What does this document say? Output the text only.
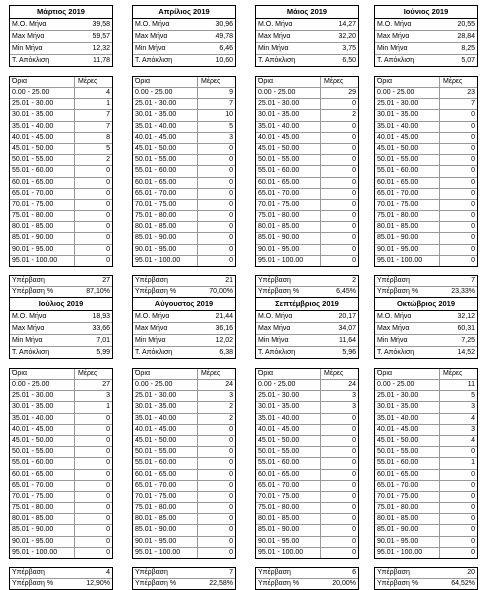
Μάρτιος 2019
Μ.Ο. Μήνα	39,58
Max Μήνα	59,57
Min Μήνα	12,32
Τ. Απόκλιση	11,78
Όρια	Μέρες
0.00 - 25.00	4
25.01 - 30.00	1
30.01 - 35.00	7
35.01 - 40.00	7
40.01 - 45.00	8
45.01 - 50.00	5
50.01 - 55.00	2
55.01 - 60.00	0
60.01 - 65.00	0
65.01 - 70.00	0
70.01 - 75.00	0
75.01 - 80.00	0
80.01 - 85.00	0
85.01 - 90.00	0
90.01 - 95.00	0
95.01 - 100.00	0
Υπέρβαση	27
Υπέρβαση %	87,10%
Απρίλιος 2019
Μ.Ο. Μήνα	30,96
Max Μήνα	49,78
Min Μήνα	6,46
Τ. Απόκλιση	10,60
Όρια	Μέρες
0.00 - 25.00	9
25.01 - 30.00	7
30.01 - 35.00	10
35.01 - 40.00	5
40.01 - 45.00	3
45.01 - 50.00	0
50.01 - 55.00	0
55.01 - 60.00	0
60.01 - 65.00	0
65.01 - 70.00	0
70.01 - 75.00	0
75.01 - 80.00	0
80.01 - 85.00	0
85.01 - 90.00	0
90.01 - 95.00	0
95.01 - 100.00	0
Υπέρβαση	21
Υπέρβαση %	70,00%
Μάιος 2019
Μ.Ο. Μήνα	14,27
Max Μήνα	32,20
Min Μήνα	3,75
Τ. Απόκλιση	6,50
Όρια	Μέρες
0.00 - 25.00	29
25.01 - 30.00	0
30.01 - 35.00	2
35.01 - 40.00	0
40.01 - 45.00	0
45.01 - 50.00	0
50.01 - 55.00	0
55.01 - 60.00	0
60.01 - 65.00	0
65.01 - 70.00	0
70.01 - 75.00	0
75.01 - 80.00	0
80.01 - 85.00	0
85.01 - 90.00	0
90.01 - 95.00	0
95.01 - 100.00	0
Υπέρβαση	2
Υπέρβαση %	6,45%
Ιούνιος 2019
Μ.Ο. Μήνα	20,55
Max Μήνα	28,84
Min Μήνα	8,25
Τ. Απόκλιση	5,07
Όρια	Μέρες
0.00 - 25.00	23
25.01 - 30.00	7
30.01 - 35.00	0
35.01 - 40.00	0
40.01 - 45.00	0
45.01 - 50.00	0
50.01 - 55.00	0
55.01 - 60.00	0
60.01 - 65.00	0
65.01 - 70.00	0
70.01 - 75.00	0
75.01 - 80.00	0
80.01 - 85.00	0
85.01 - 90.00	0
90.01 - 95.00	0
95.01 - 100.00	0
Υπέρβαση	7
Υπέρβαση %	23,33%
Ιούλιος 2019
Μ.Ο. Μήνα	18,93
Max Μήνα	33,66
Min Μήνα	7,01
Τ. Απόκλιση	5,99
Όρια	Μέρες
0.00 - 25.00	27
25.01 - 30.00	3
30.01 - 35.00	1
35.01 - 40.00	0
40.01 - 45.00	0
45.01 - 50.00	0
50.01 - 55.00	0
55.01 - 60.00	0
60.01 - 65.00	0
65.01 - 70.00	0
70.01 - 75.00	0
75.01 - 80.00	0
80.01 - 85.00	0
85.01 - 90.00	0
90.01 - 95.00	0
95.01 - 100.00	0
Υπέρβαση	4
Υπέρβαση %	12,90%
Αύγουστος 2019
Μ.Ο. Μήνα	21,44
Max Μήνα	36,16
Min Μήνα	12,02
Τ. Απόκλιση	6,38
Όρια	Μέρες
0.00 - 25.00	24
25.01 - 30.00	3
30.01 - 35.00	2
35.01 - 40.00	2
40.01 - 45.00	0
45.01 - 50.00	0
50.01 - 55.00	0
55.01 - 60.00	0
60.01 - 65.00	0
65.01 - 70.00	0
70.01 - 75.00	0
75.01 - 80.00	0
80.01 - 85.00	0
85.01 - 90.00	0
90.01 - 95.00	0
95.01 - 100.00	0
Υπέρβαση	7
Υπέρβαση %	22,58%
Σεπτέμβριος 2019
Μ.Ο. Μήνα	20,17
Max Μήνα	34,07
Min Μήνα	11,64
Τ. Απόκλιση	5,96
Όρια	Μέρες
0.00 - 25.00	24
25.01 - 30.00	3
30.01 - 35.00	3
35.01 - 40.00	0
40.01 - 45.00	0
45.01 - 50.00	0
50.01 - 55.00	0
55.01 - 60.00	0
60.01 - 65.00	0
65.01 - 70.00	0
70.01 - 75.00	0
75.01 - 80.00	0
80.01 - 85.00	0
85.01 - 90.00	0
90.01 - 95.00	0
95.01 - 100.00	0
Υπέρβαση	6
Υπέρβαση %	20,00%
Οκτώβριος 2019
Μ.Ο. Μήνα	32,12
Max Μήνα	60,31
Min Μήνα	7,25
Τ. Απόκλιση	14,52
Όρια	Μέρες
0.00 - 25.00	11
25.01 - 30.00	5
30.01 - 35.00	3
35.01 - 40.00	4
40.01 - 45.00	3
45.01 - 50.00	4
50.01 - 55.00	0
55.01 - 60.00	1
60.01 - 65.00	0
65.01 - 70.00	0
70.01 - 75.00	0
75.01 - 80.00	0
80.01 - 85.00	0
85.01 - 90.00	0
90.01 - 95.00	0
95.01 - 100.00	0
Υπέρβαση	20
Υπέρβαση %	64,52%
